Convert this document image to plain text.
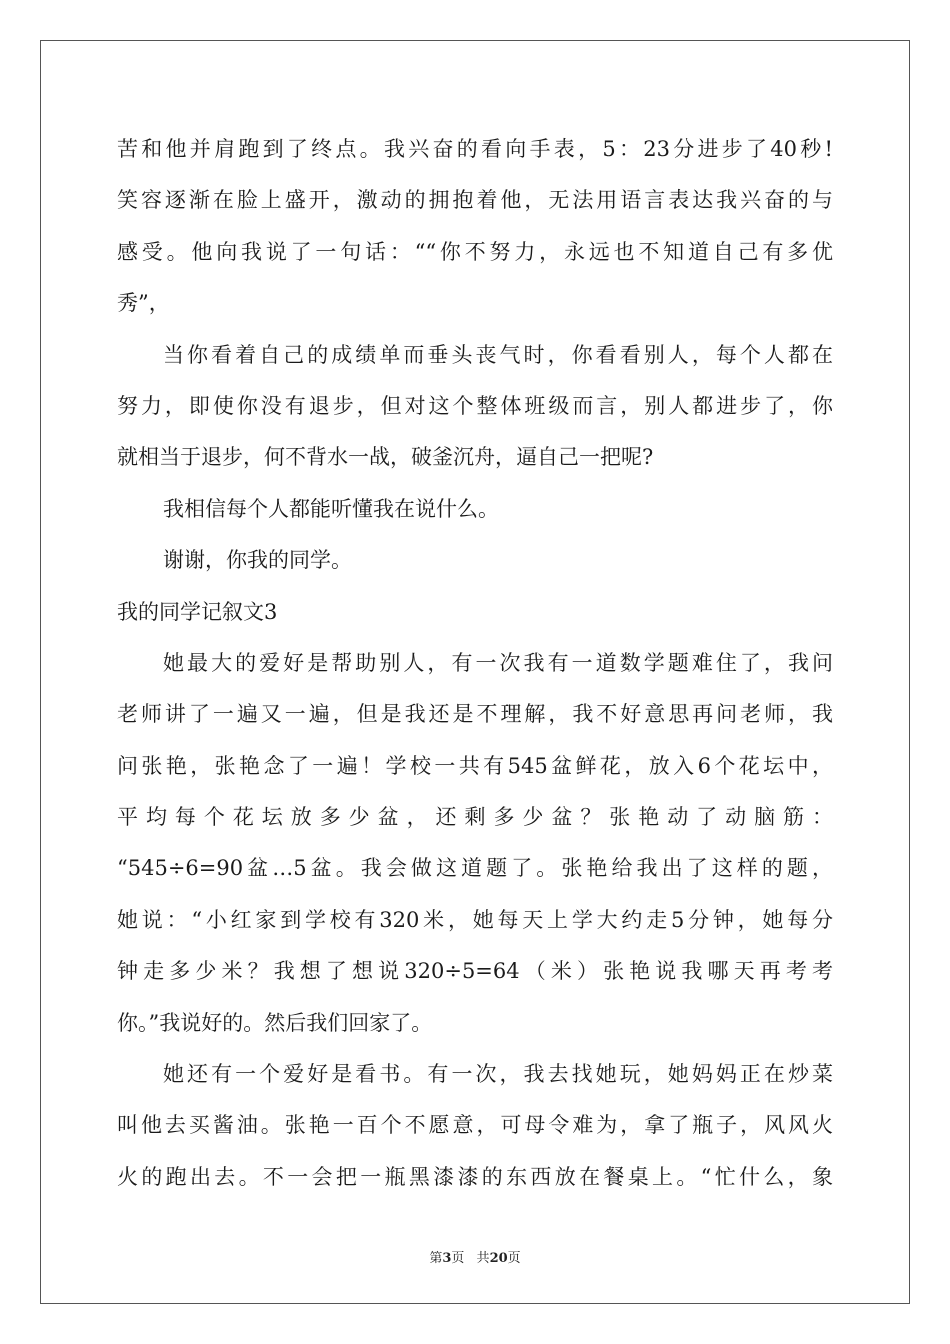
苦和他并肩跑到了终点。我兴奋的看向手表，5：23分进步了40秒!
笑容逐渐在脸上盛开，激动的拥抱着他，无法用语言表达我兴奋的与
感受。他向我说了一句话：““你不努力，永远也不知道自己有多优
秀”，
当你看着自己的成绩单而垂头丧气时，你看看别人，每个人都在
努力，即使你没有退步，但对这个整体班级而言，别人都进步了，你
就相当于退步，何不背水一战，破釜沉舟，逼自己一把呢?
我相信每个人都能听懂我在说什么。
谢谢，你我的同学。
我的同学记叙文3
她最大的爱好是帮助别人，有一次我有一道数学题难住了，我问
老师讲了一遍又一遍，但是我还是不理解，我不好意思再问老师，我
问张艳，张艳念了一遍！学校一共有545盆鲜花，放入6个花坛中，
平均每个花坛放多少盆，还剩多少盆？张艳动了动脑筋：
“545÷6=90盆…5盆。我会做这道题了。张艳给我出了这样的题，
她说：“小红家到学校有320米，她每天上学大约走5分钟，她每分
钟走多少米？我想了想说320÷5=64（米）张艳说我哪天再考考
你。”我说好的。然后我们回家了。
她还有一个爱好是看书。有一次，我去找她玩，她妈妈正在炒菜
叫他去买酱油。张艳一百个不愿意，可母令难为，拿了瓶子，风风火
火的跑出去。不一会把一瓶黑漆漆的东西放在餐桌上。“忙什么，象
第3页 共20页
